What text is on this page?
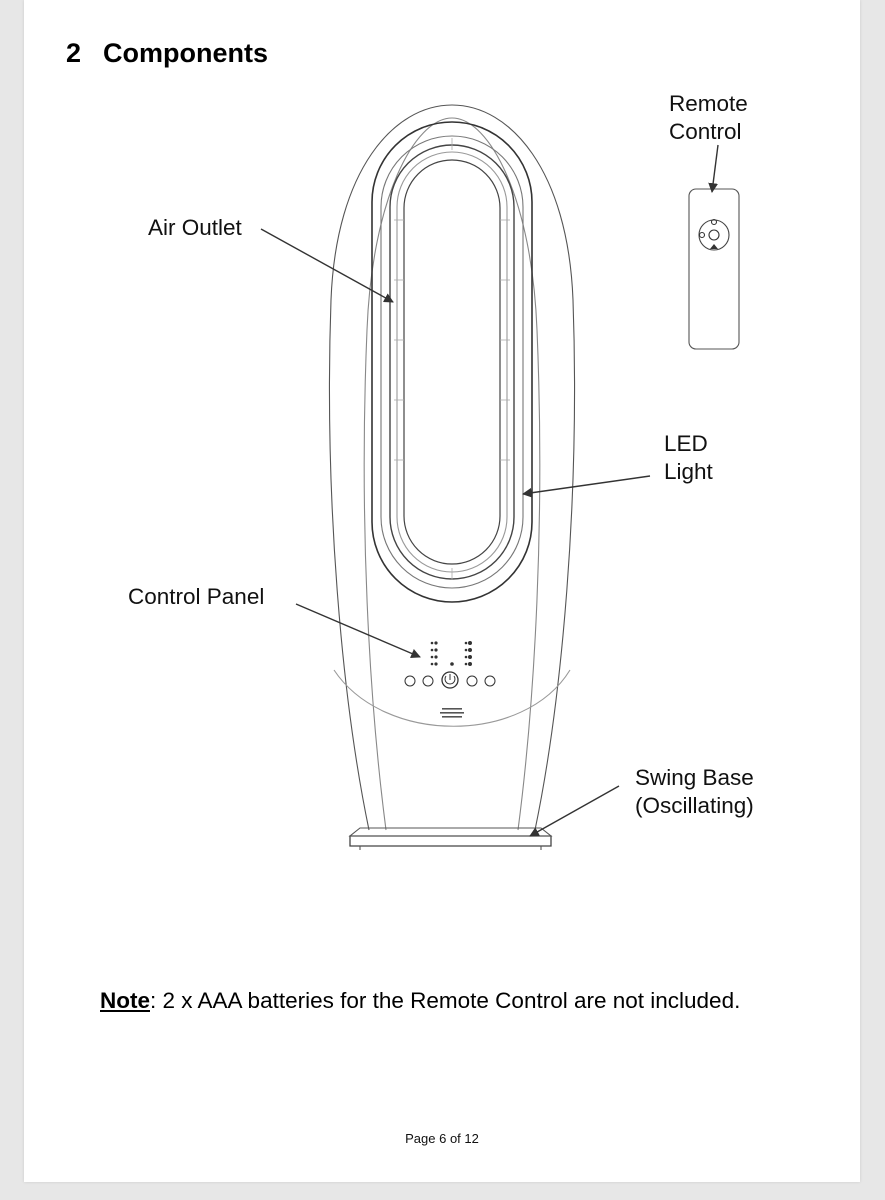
2 Components
Remote
Control
Air Outlet
LED
Light
Control Panel
Swing Base
(Oscillating)
Note: 2 x AAA batteries for the Remote Control are not included.
Page 6 of 12
